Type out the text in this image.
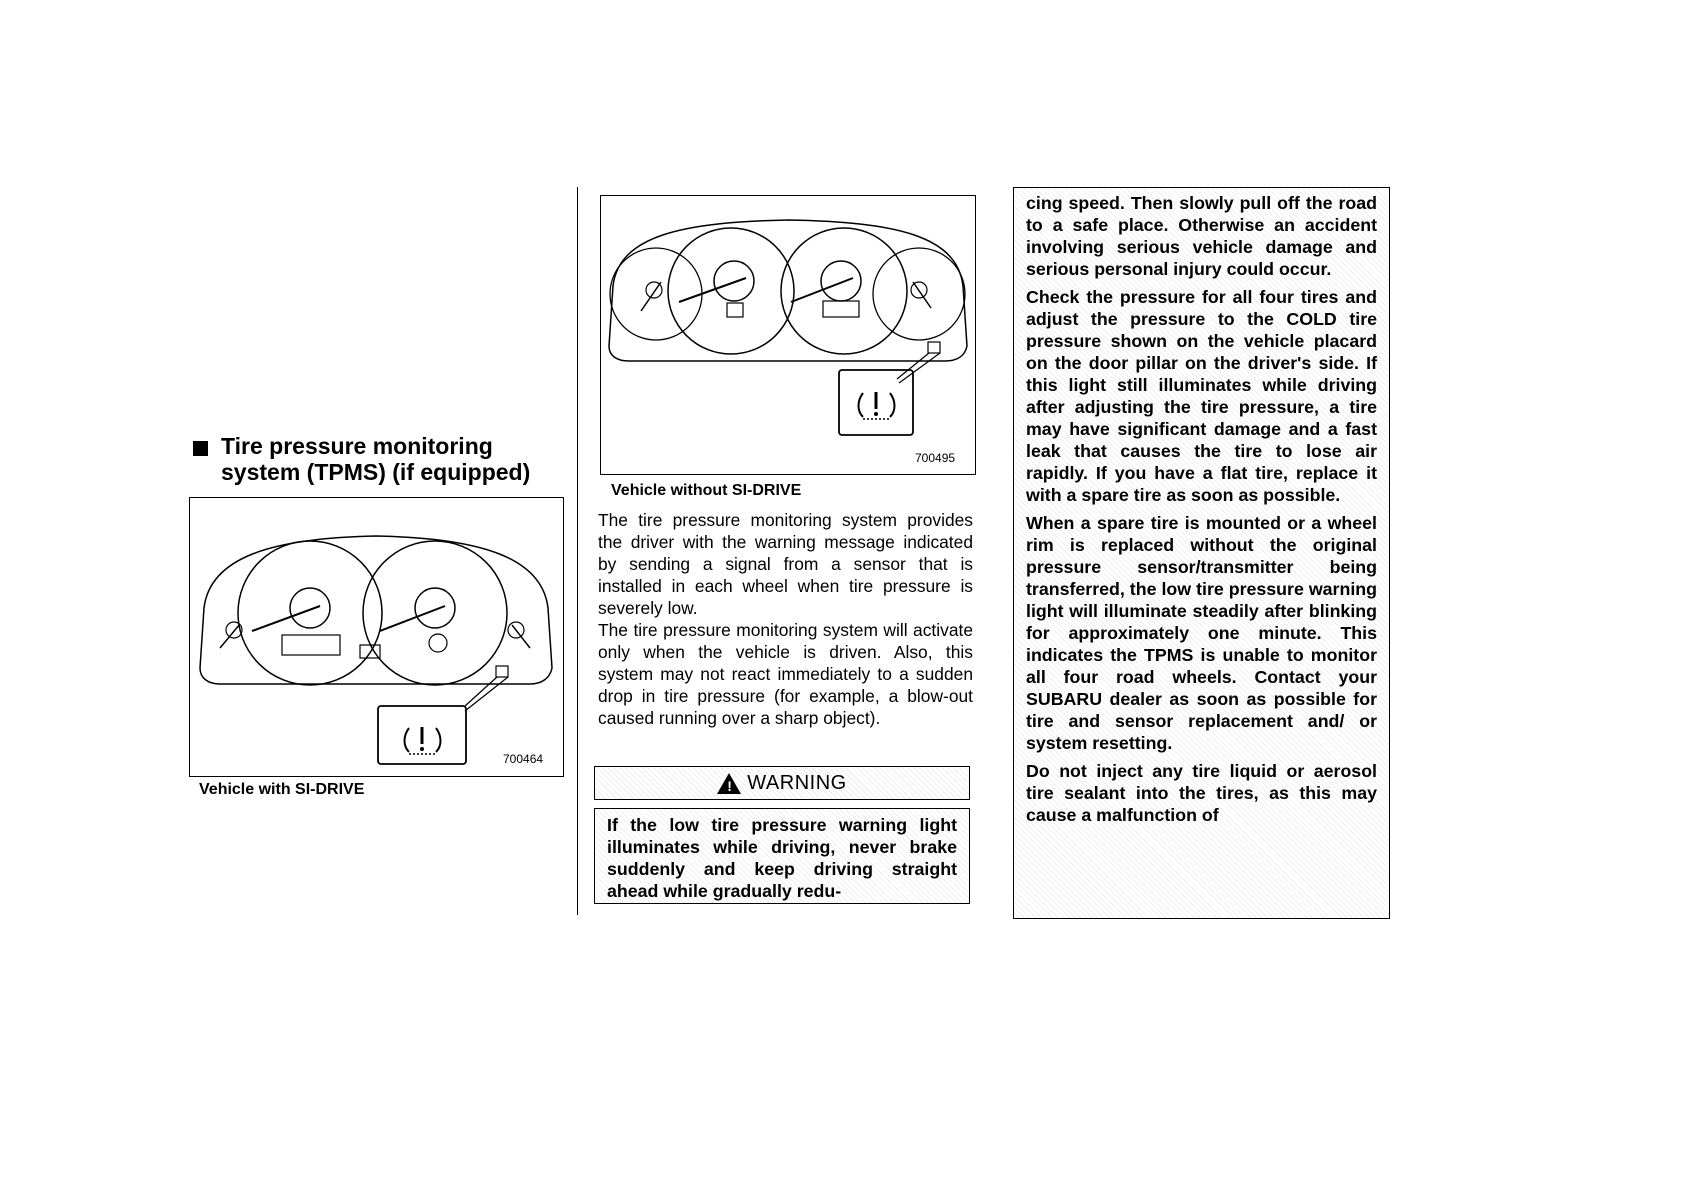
Tire pressure monitoring
system (TPMS) (if equipped)
700464
Vehicle with SI-DRIVE
700495
Vehicle without SI-DRIVE
The tire pressure monitoring system provides the driver with the warning message indicated by sending a signal from a sensor that is installed in each wheel when tire pressure is severely low.
The tire pressure monitoring system will activate only when the vehicle is driven. Also, this system may not react immediately to a sudden drop in tire pressure (for example, a blow-out caused running over a sharp object).
! WARNING
If the low tire pressure warning light illuminates while driving, never brake suddenly and keep driving straight ahead while gradually redu-

cing speed. Then slowly pull off the road to a safe place. Otherwise an accident involving serious vehicle damage and serious personal injury could occur.

Check the pressure for all four tires and adjust the pressure to the COLD tire pressure shown on the vehicle placard on the door pillar on the driver's side. If this light still illuminates while driving after adjusting the tire pressure, a tire may have significant damage and a fast leak that causes the tire to lose air rapidly. If you have a flat tire, replace it with a spare tire as soon as possible.

When a spare tire is mounted or a wheel rim is replaced without the original pressure sensor/transmitter being transferred, the low tire pressure warning light will illuminate steadily after blinking for approximately one minute. This indicates the TPMS is unable to monitor all four road wheels. Contact your SUBARU dealer as soon as possible for tire and sensor replacement and/ or system resetting.

Do not inject any tire liquid or aerosol tire sealant into the tires, as this may cause a malfunction of
